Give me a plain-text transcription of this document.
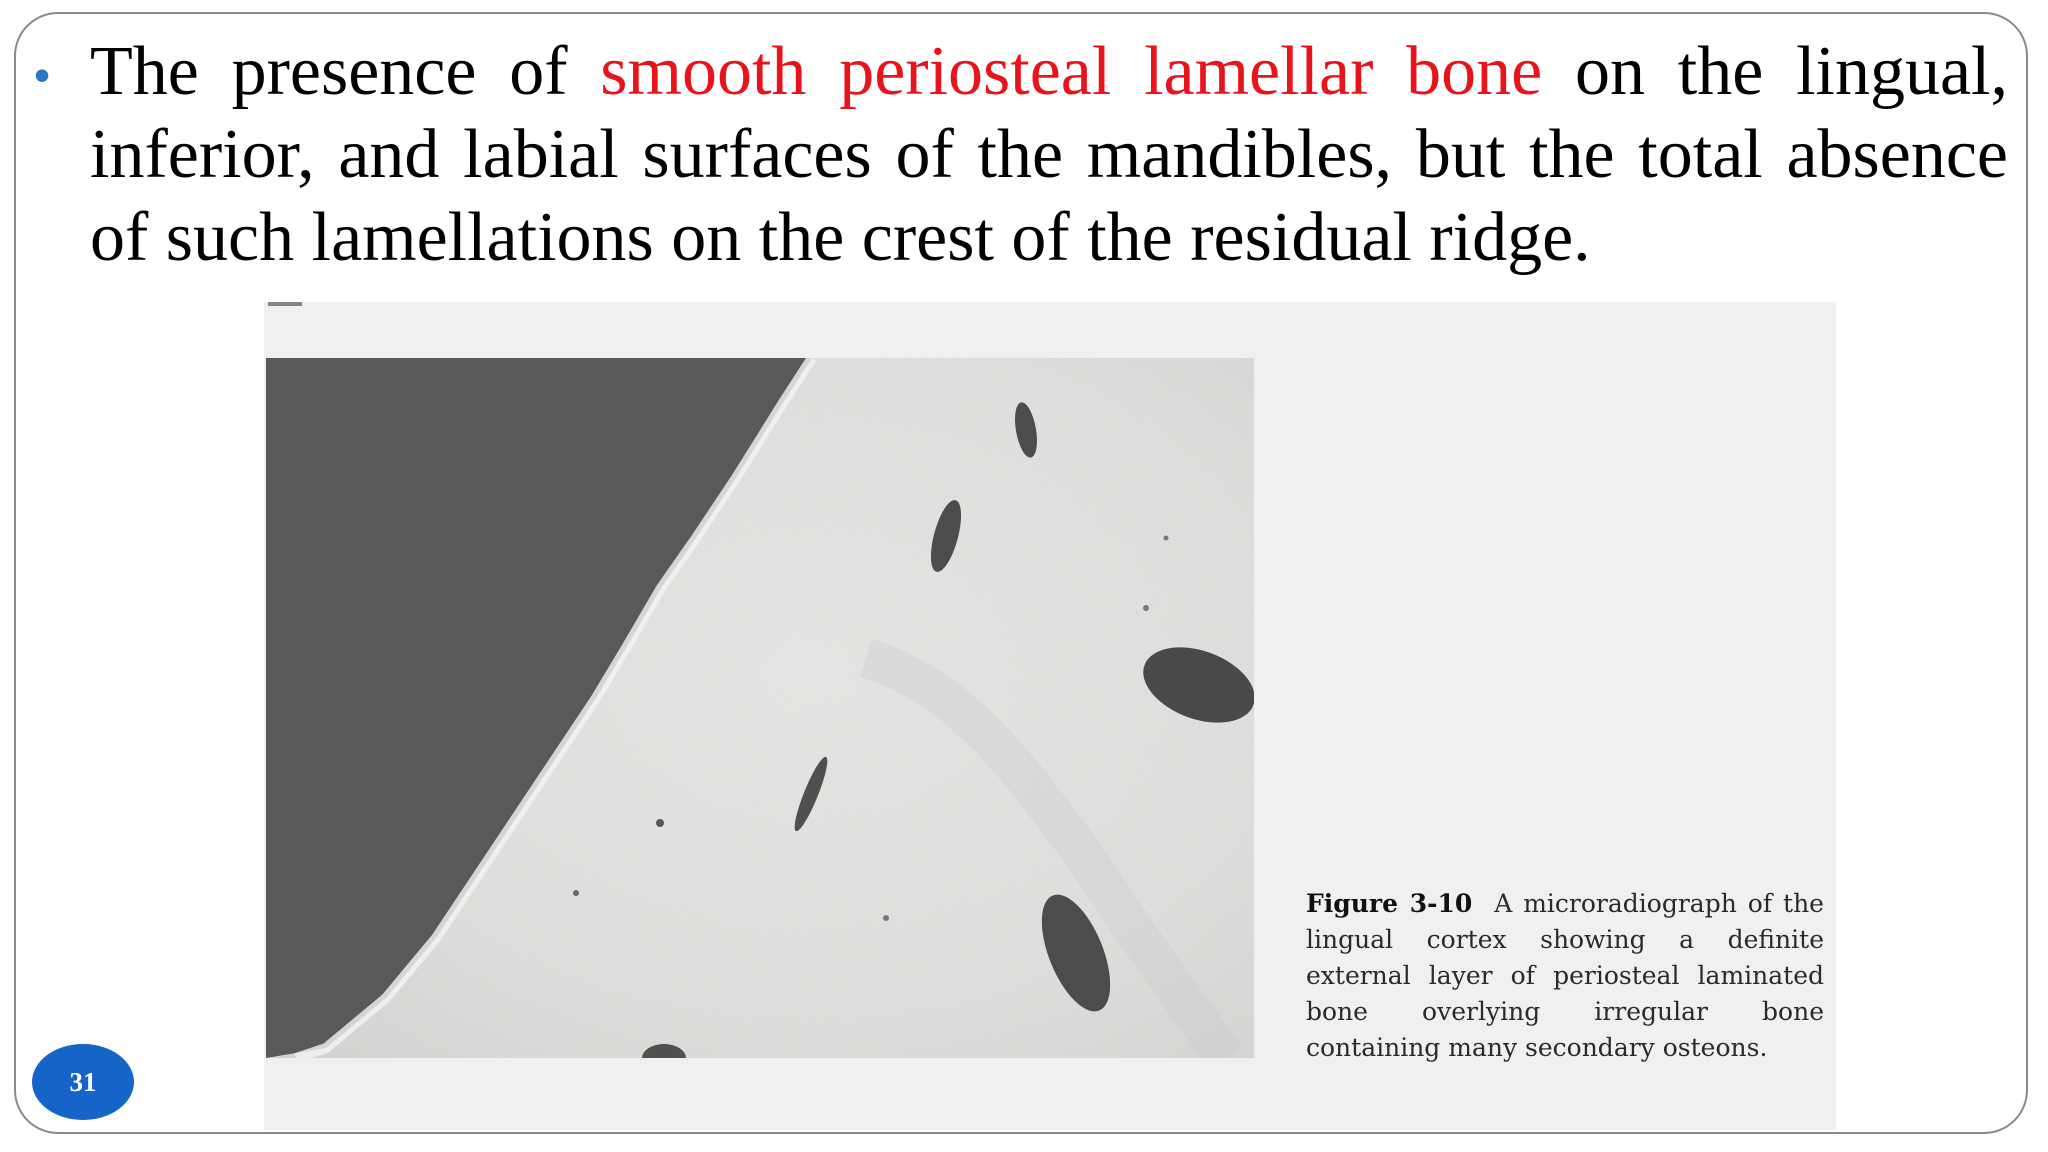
• The presence of smooth periosteal lamellar bone on the lingual, inferior, and labial surfaces of the mandibles, but the total absence of such lamellations on the crest of the residual ridge.
Figure 3-10 A microradiograph of the lingual cortex showing a definite external layer of periosteal laminated bone overlying irregular bone containing many secondary osteons.
31
